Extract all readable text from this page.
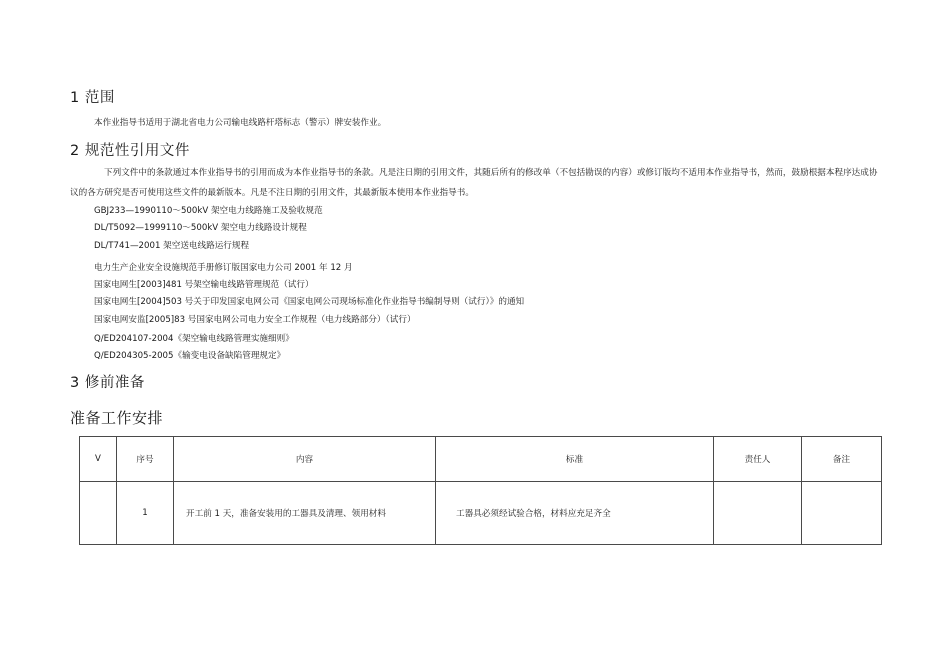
1 范围
本作业指导书适用于湖北省电力公司输电线路杆塔标志（警示）牌安装作业。
2 规范性引用文件
下列文件中的条款通过本作业指导书的引用而成为本作业指导书的条款。凡是注日期的引用文件，其随后所有的修改单（不包括勘误的内容）或修订版均不适用本作业指导书，然而，鼓励根据本程序达成协议的各方研究是否可使用这些文件的最新版本。凡是不注日期的引用文件，其最新版本使用本作业指导书。
GBJ233—1990110～500kV 架空电力线路施工及验收规范
DL/T5092—1999110～500kV 架空电力线路设计规程
DL/T741—2001 架空送电线路运行规程
电力生产企业安全设施规范手册修订版国家电力公司 2001 年 12 月
国家电网生[2003]481 号架空输电线路管理规范（试行）
国家电网生[2004]503 号关于印发国家电网公司《国家电网公司现场标准化作业指导书编制导则（试行）》的通知
国家电网安监[2005]83 号国家电网公司电力安全工作规程（电力线路部分）（试行）
Q/ED204107-2004《架空输电线路管理实施细则》
Q/ED204305-2005《输变电设备缺陷管理规定》
3 修前准备
准备工作安排
V	序号	内容	标准	责任人	备注
	1	开工前 1 天，准备安装用的工器具及清理、领用材料	工器具必须经试验合格，材料应充足齐全		
